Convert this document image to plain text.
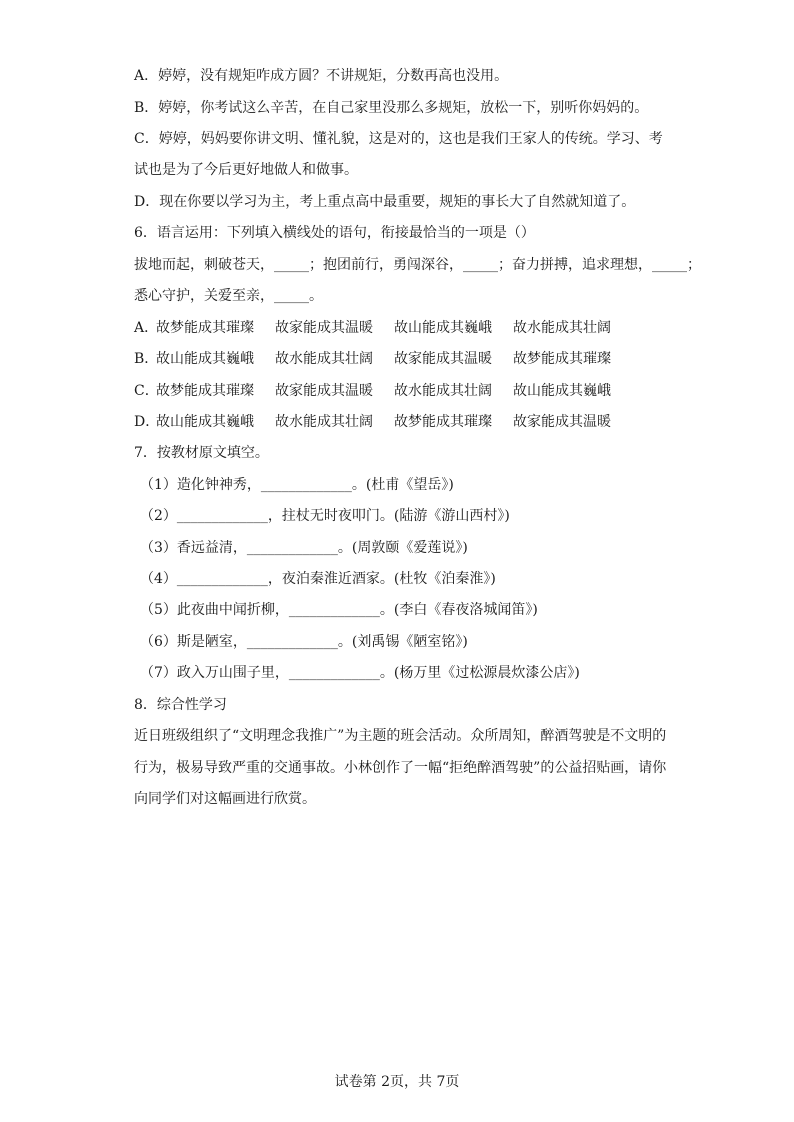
A．婷婷，没有规矩咋成方圆？不讲规矩，分数再高也没用。
B．婷婷，你考试这么辛苦，在自己家里没那么多规矩，放松一下，别听你妈妈的。
C．婷婷，妈妈要你讲文明、懂礼貌，这是对的，这也是我们王家人的传统。学习、考
试也是为了今后更好地做人和做事。
D．现在你要以学习为主，考上重点高中最重要，规矩的事长大了自然就知道了。
6．语言运用：下列填入横线处的语句，衔接最恰当的一项是（）
拔地而起，刺破苍天，_____；抱团前行，勇闯深谷，_____；奋力拼搏，追求理想，_____；
悉心守护，关爱至亲，_____。
A．故梦能成其璀璨 故家能成其温暖 故山能成其巍峨 故水能成其壮阔
B．故山能成其巍峨 故水能成其壮阔 故家能成其温暖 故梦能成其璀璨
C．故梦能成其璀璨 故家能成其温暖 故水能成其壮阔 故山能成其巍峨
D．故山能成其巍峨 故水能成其壮阔 故梦能成其璀璨 故家能成其温暖
7．按教材原文填空。
（1）造化钟神秀，_____________。(杜甫《望岳》)
（2）_____________，拄杖无时夜叩门。(陆游《游山西村》)
（3）香远益清，_____________。(周敦颐《爱莲说》)
（4）_____________，夜泊秦淮近酒家。(杜牧《泊秦淮》)
（5）此夜曲中闻折柳，_____________。(李白《春夜洛城闻笛》)
（6）斯是陋室，_____________。(刘禹锡《陋室铭》)
（7）政入万山围子里，_____________。(杨万里《过松源晨炊漆公店》)
8．综合性学习
近日班级组织了“文明理念我推广”为主题的班会活动。众所周知，醉酒驾驶是不文明的
行为，极易导致严重的交通事故。小林创作了一幅“拒绝醉酒驾驶”的公益招贴画，请你
向同学们对这幅画进行欣赏。
试卷第 2页，共 7页
